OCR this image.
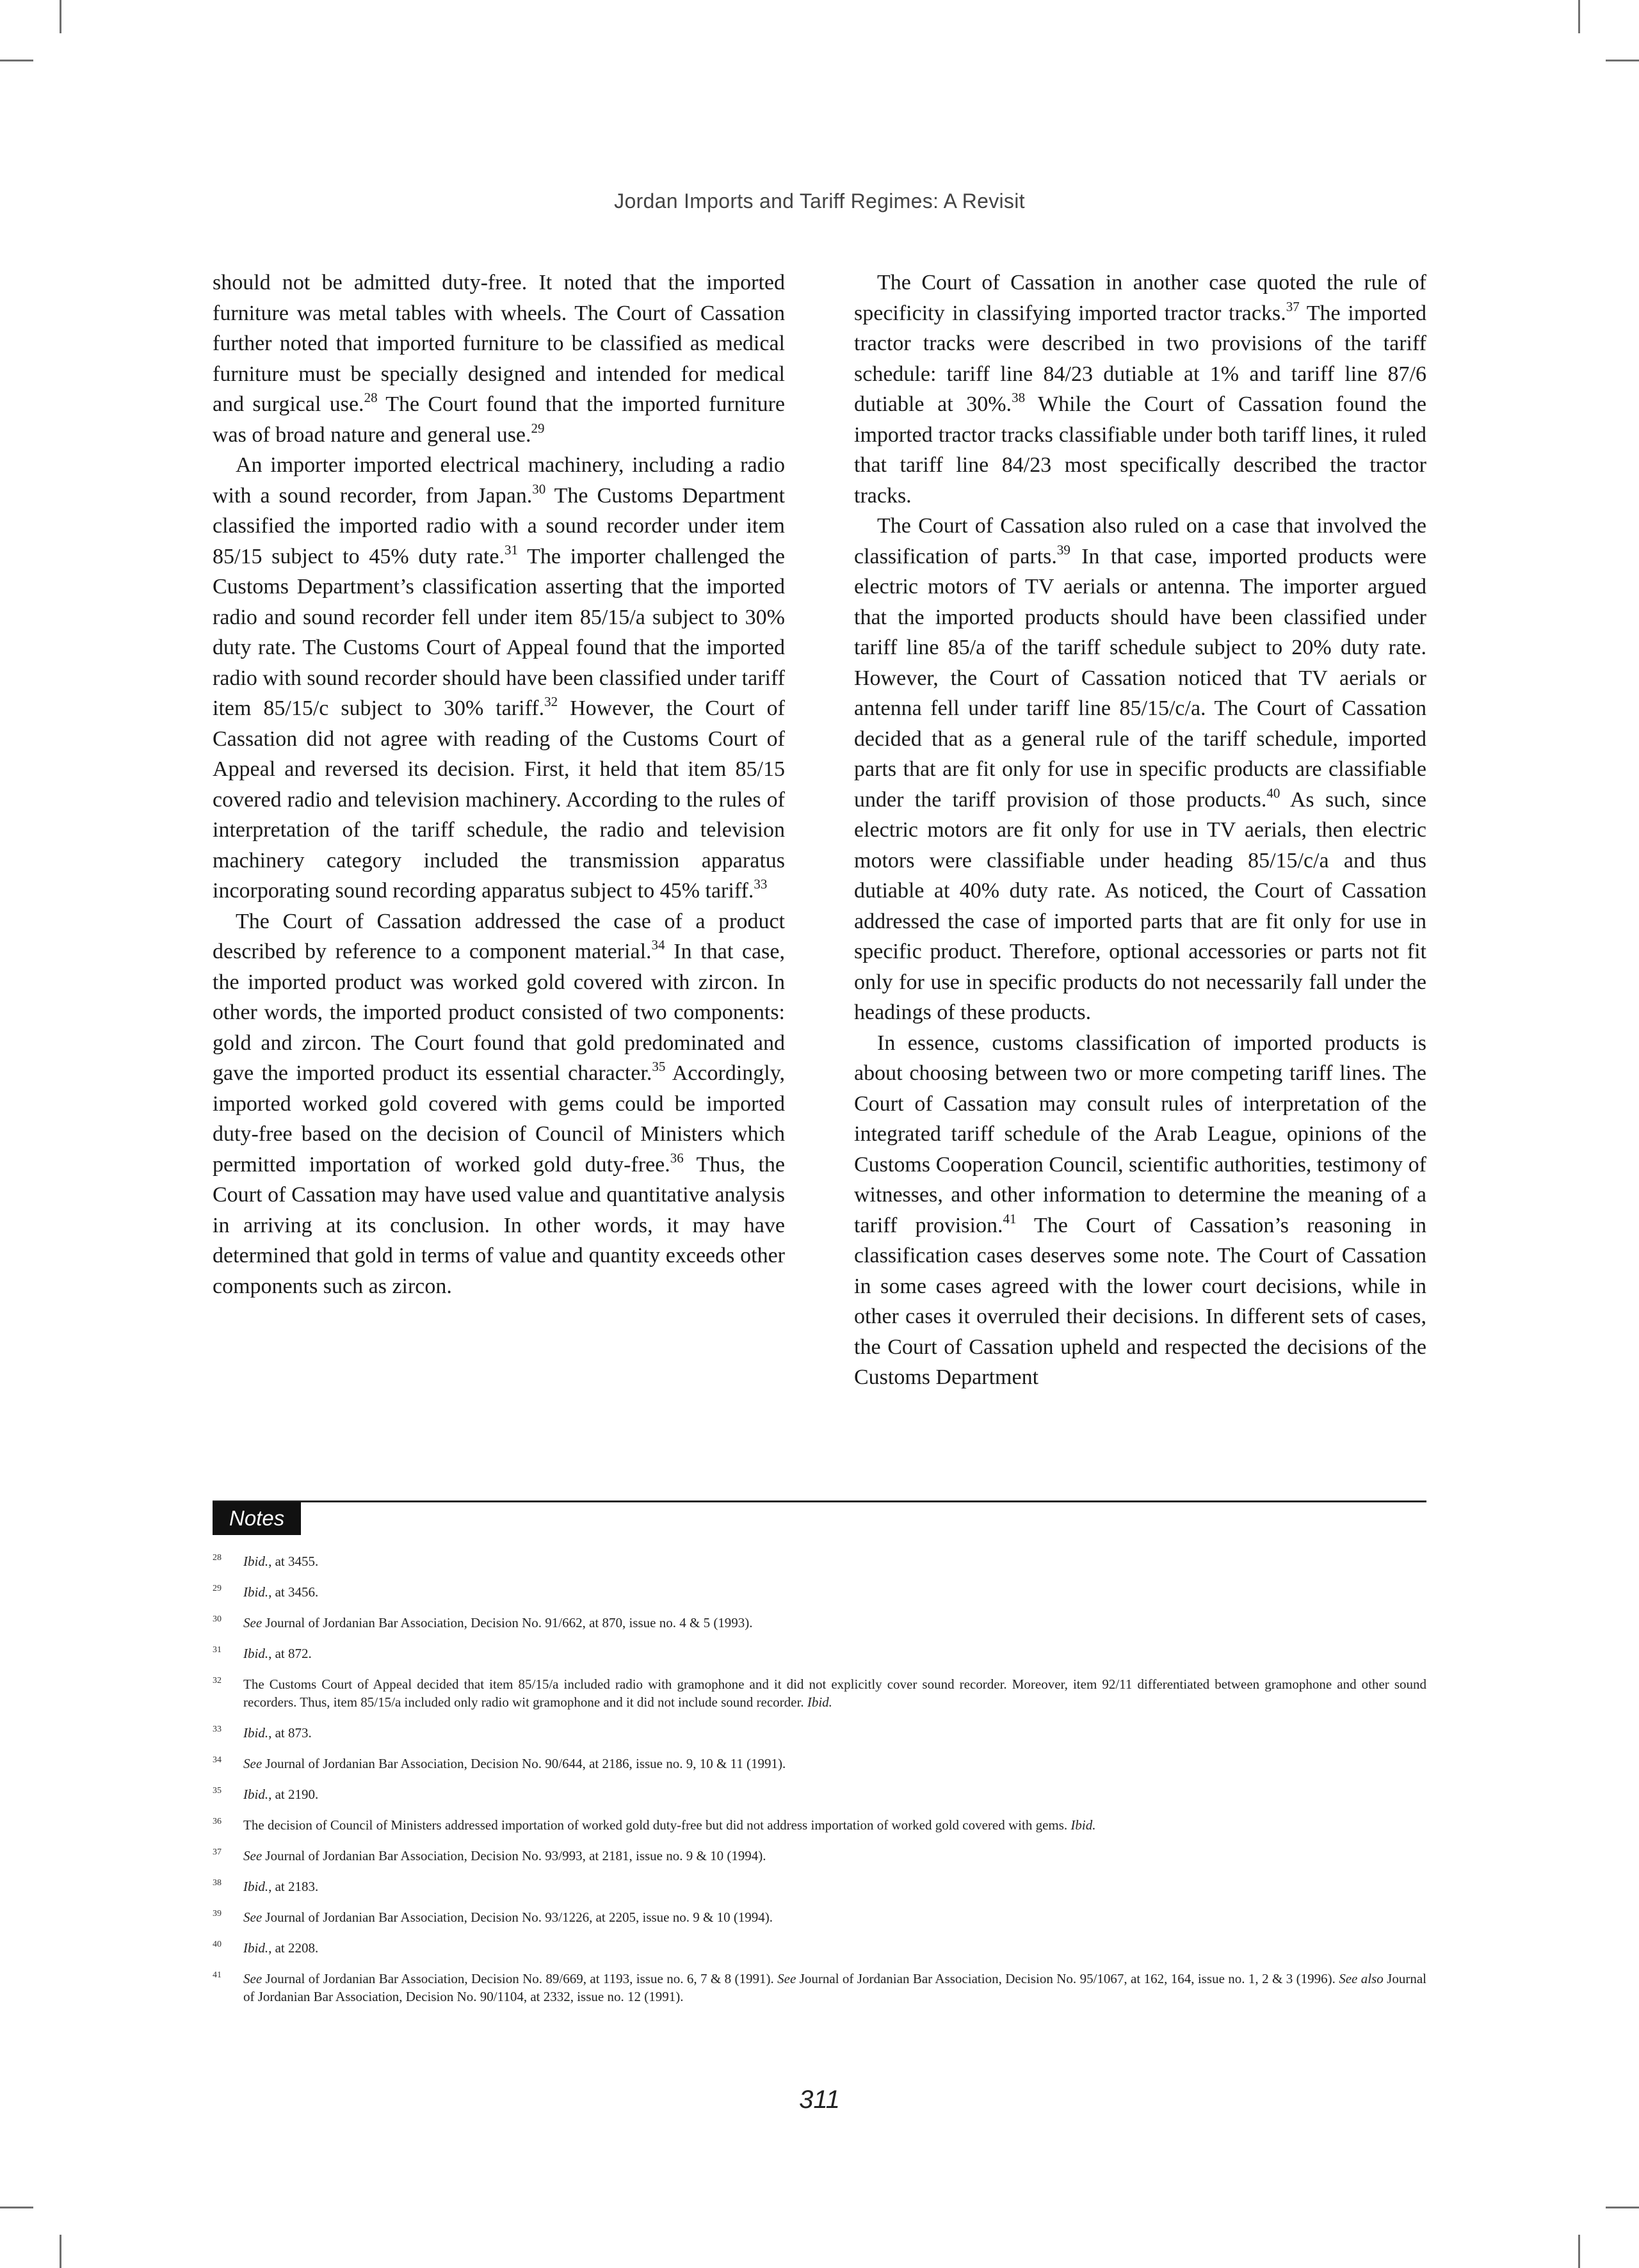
Jordan Imports and Tariff Regimes: A Revisit

should not be admitted duty-free. It noted that the imported furniture was metal tables with wheels. The Court of Cassation further noted that imported furniture to be classified as medical furniture must be specially designed and intended for medical and surgical use.$^{28}$ The Court found that the imported furniture was of broad nature and general use.$^{29}$

An importer imported electrical machinery, including a radio with a sound recorder, from Japan.$^{30}$ The Customs Department classified the imported radio with a sound recorder under item 85/15 subject to 45% duty rate.$^{31}$ The importer challenged the Customs Department’s classification asserting that the imported radio and sound recorder fell under item 85/15/a subject to 30% duty rate. The Customs Court of Appeal found that the imported radio with sound recorder should have been classified under tariff item 85/15/c subject to 30% tariff.$^{32}$ However, the Court of Cassation did not agree with reading of the Customs Court of Appeal and reversed its decision. First, it held that item 85/15 covered radio and television machinery. According to the rules of interpretation of the tariff schedule, the radio and television machinery category included the transmission apparatus incorporating sound recording apparatus subject to 45% tariff.$^{33}$

The Court of Cassation addressed the case of a product described by reference to a component material.$^{34}$ In that case, the imported product was worked gold covered with zircon. In other words, the imported product consisted of two components: gold and zircon. The Court found that gold predominated and gave the imported product its essential character.$^{35}$ Accordingly, imported worked gold covered with gems could be imported duty-free based on the decision of Council of Ministers which permitted importation of worked gold duty-free.$^{36}$ Thus, the Court of Cassation may have used value and quantitative analysis in arriving at its conclusion. In other words, it may have determined that gold in terms of value and quantity exceeds other components such as zircon.

The Court of Cassation in another case quoted the rule of specificity in classifying imported tractor tracks.$^{37}$ The imported tractor tracks were described in two provisions of the tariff schedule: tariff line 84/23 dutiable at 1% and tariff line 87/6 dutiable at 30%.$^{38}$ While the Court of Cassation found the imported tractor tracks classifiable under both tariff lines, it ruled that tariff line 84/23 most specifically described the tractor tracks.

The Court of Cassation also ruled on a case that involved the classification of parts.$^{39}$ In that case, imported products were electric motors of TV aerials or antenna. The importer argued that the imported products should have been classified under tariff line 85/a of the tariff schedule subject to 20% duty rate. However, the Court of Cassation noticed that TV aerials or antenna fell under tariff line 85/15/c/a. The Court of Cassation decided that as a general rule of the tariff schedule, imported parts that are fit only for use in specific products are classifiable under the tariff provision of those products.$^{40}$ As such, since electric motors are fit only for use in TV aerials, then electric motors were classifiable under heading 85/15/c/a and thus dutiable at 40% duty rate. As noticed, the Court of Cassation addressed the case of imported parts that are fit only for use in specific product. Therefore, optional accessories or parts not fit only for use in specific products do not necessarily fall under the headings of these products.

In essence, customs classification of imported products is about choosing between two or more competing tariff lines. The Court of Cassation may consult rules of interpretation of the integrated tariff schedule of the Arab League, opinions of the Customs Cooperation Council, scientific authorities, testimony of witnesses, and other information to determine the meaning of a tariff provision.$^{41}$ The Court of Cassation’s reasoning in classification cases deserves some note. The Court of Cassation in some cases agreed with the lower court decisions, while in other cases it overruled their decisions. In different sets of cases, the Court of Cassation upheld and respected the decisions of the Customs Department

Notes
28 Ibid., at 3455.
29 Ibid., at 3456.
30 See Journal of Jordanian Bar Association, Decision No. 91/662, at 870, issue no. 4 & 5 (1993).
31 Ibid., at 872.
32 The Customs Court of Appeal decided that item 85/15/a included radio with gramophone and it did not explicitly cover sound recorder. Moreover, item 92/11 differentiated between gramophone and other sound recorders. Thus, item 85/15/a included only radio wit gramophone and it did not include sound recorder. Ibid.
33 Ibid., at 873.
34 See Journal of Jordanian Bar Association, Decision No. 90/644, at 2186, issue no. 9, 10 & 11 (1991).
35 Ibid., at 2190.
36 The decision of Council of Ministers addressed importation of worked gold duty-free but did not address importation of worked gold covered with gems. Ibid.
37 See Journal of Jordanian Bar Association, Decision No. 93/993, at 2181, issue no. 9 & 10 (1994).
38 Ibid., at 2183.
39 See Journal of Jordanian Bar Association, Decision No. 93/1226, at 2205, issue no. 9 & 10 (1994).
40 Ibid., at 2208.
41 See Journal of Jordanian Bar Association, Decision No. 89/669, at 1193, issue no. 6, 7 & 8 (1991). See Journal of Jordanian Bar Association, Decision No. 95/1067, at 162, 164, issue no. 1, 2 & 3 (1996). See also Journal of Jordanian Bar Association, Decision No. 90/1104, at 2332, issue no. 12 (1991).
311
